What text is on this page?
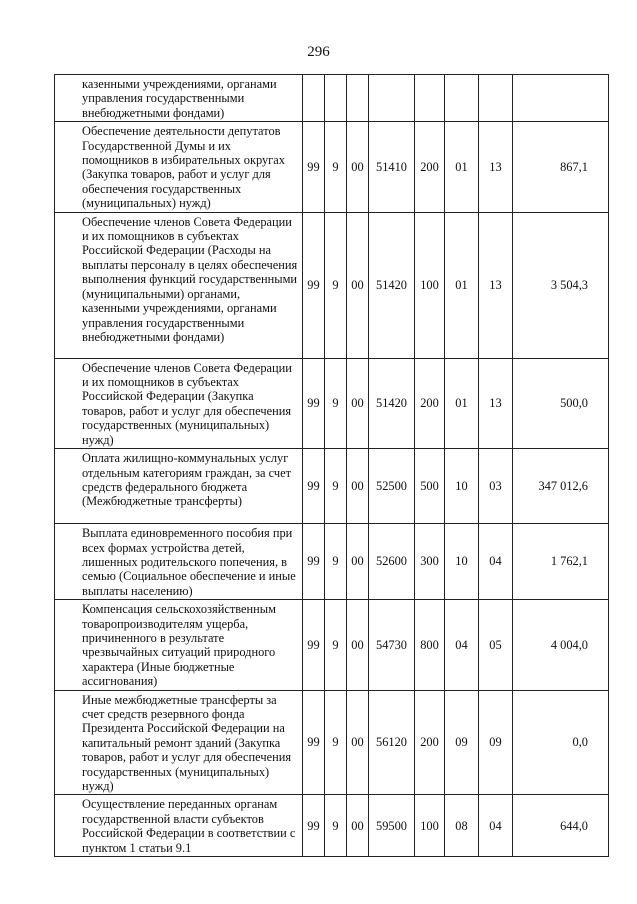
296
казенными учреждениями, органами управления государственными внебюджетными фондами)								
Обеспечение деятельности депутатов Государственной Думы и их помощников в избирательных округах (Закупка товаров, работ и услуг для обеспечения государственных (муниципальных) нужд)	99	9	00	51410	200	01	13	867,1
Обеспечение членов Совета Федерации и их помощников в субъектах Российской Федерации (Расходы на выплаты персоналу в целях обеспечения выполнения функций государственными (муниципальными) органами, казенными учреждениями, органами управления государственными внебюджетными фондами)	99	9	00	51420	100	01	13	3 504,3
Обеспечение членов Совета Федерации и их помощников в субъектах Российской Федерации (Закупка товаров, работ и услуг для обеспечения государственных (муниципальных) нужд)	99	9	00	51420	200	01	13	500,0
Оплата жилищно-коммунальных услуг отдельным категориям граждан, за счет средств федерального бюджета (Межбюджетные трансферты)	99	9	00	52500	500	10	03	347 012,6
Выплата единовременного пособия при всех формах устройства детей, лишенных родительского попечения, в семью (Социальное обеспечение и иные выплаты населению)	99	9	00	52600	300	10	04	1 762,1
Компенсация сельскохозяйственным товаропроизводителям ущерба, причиненного в результате чрезвычайных ситуаций природного характера (Иные бюджетные ассигнования)	99	9	00	54730	800	04	05	4 004,0
Иные межбюджетные трансферты за счет средств резервного фонда Президента Российской Федерации на капитальный ремонт зданий (Закупка товаров, работ и услуг для обеспечения государственных (муниципальных) нужд)	99	9	00	56120	200	09	09	0,0
Осуществление переданных органам государственной власти субъектов Российской Федерации в соответствии с пунктом 1 статьи 9.1	99	9	00	59500	100	08	04	644,0
